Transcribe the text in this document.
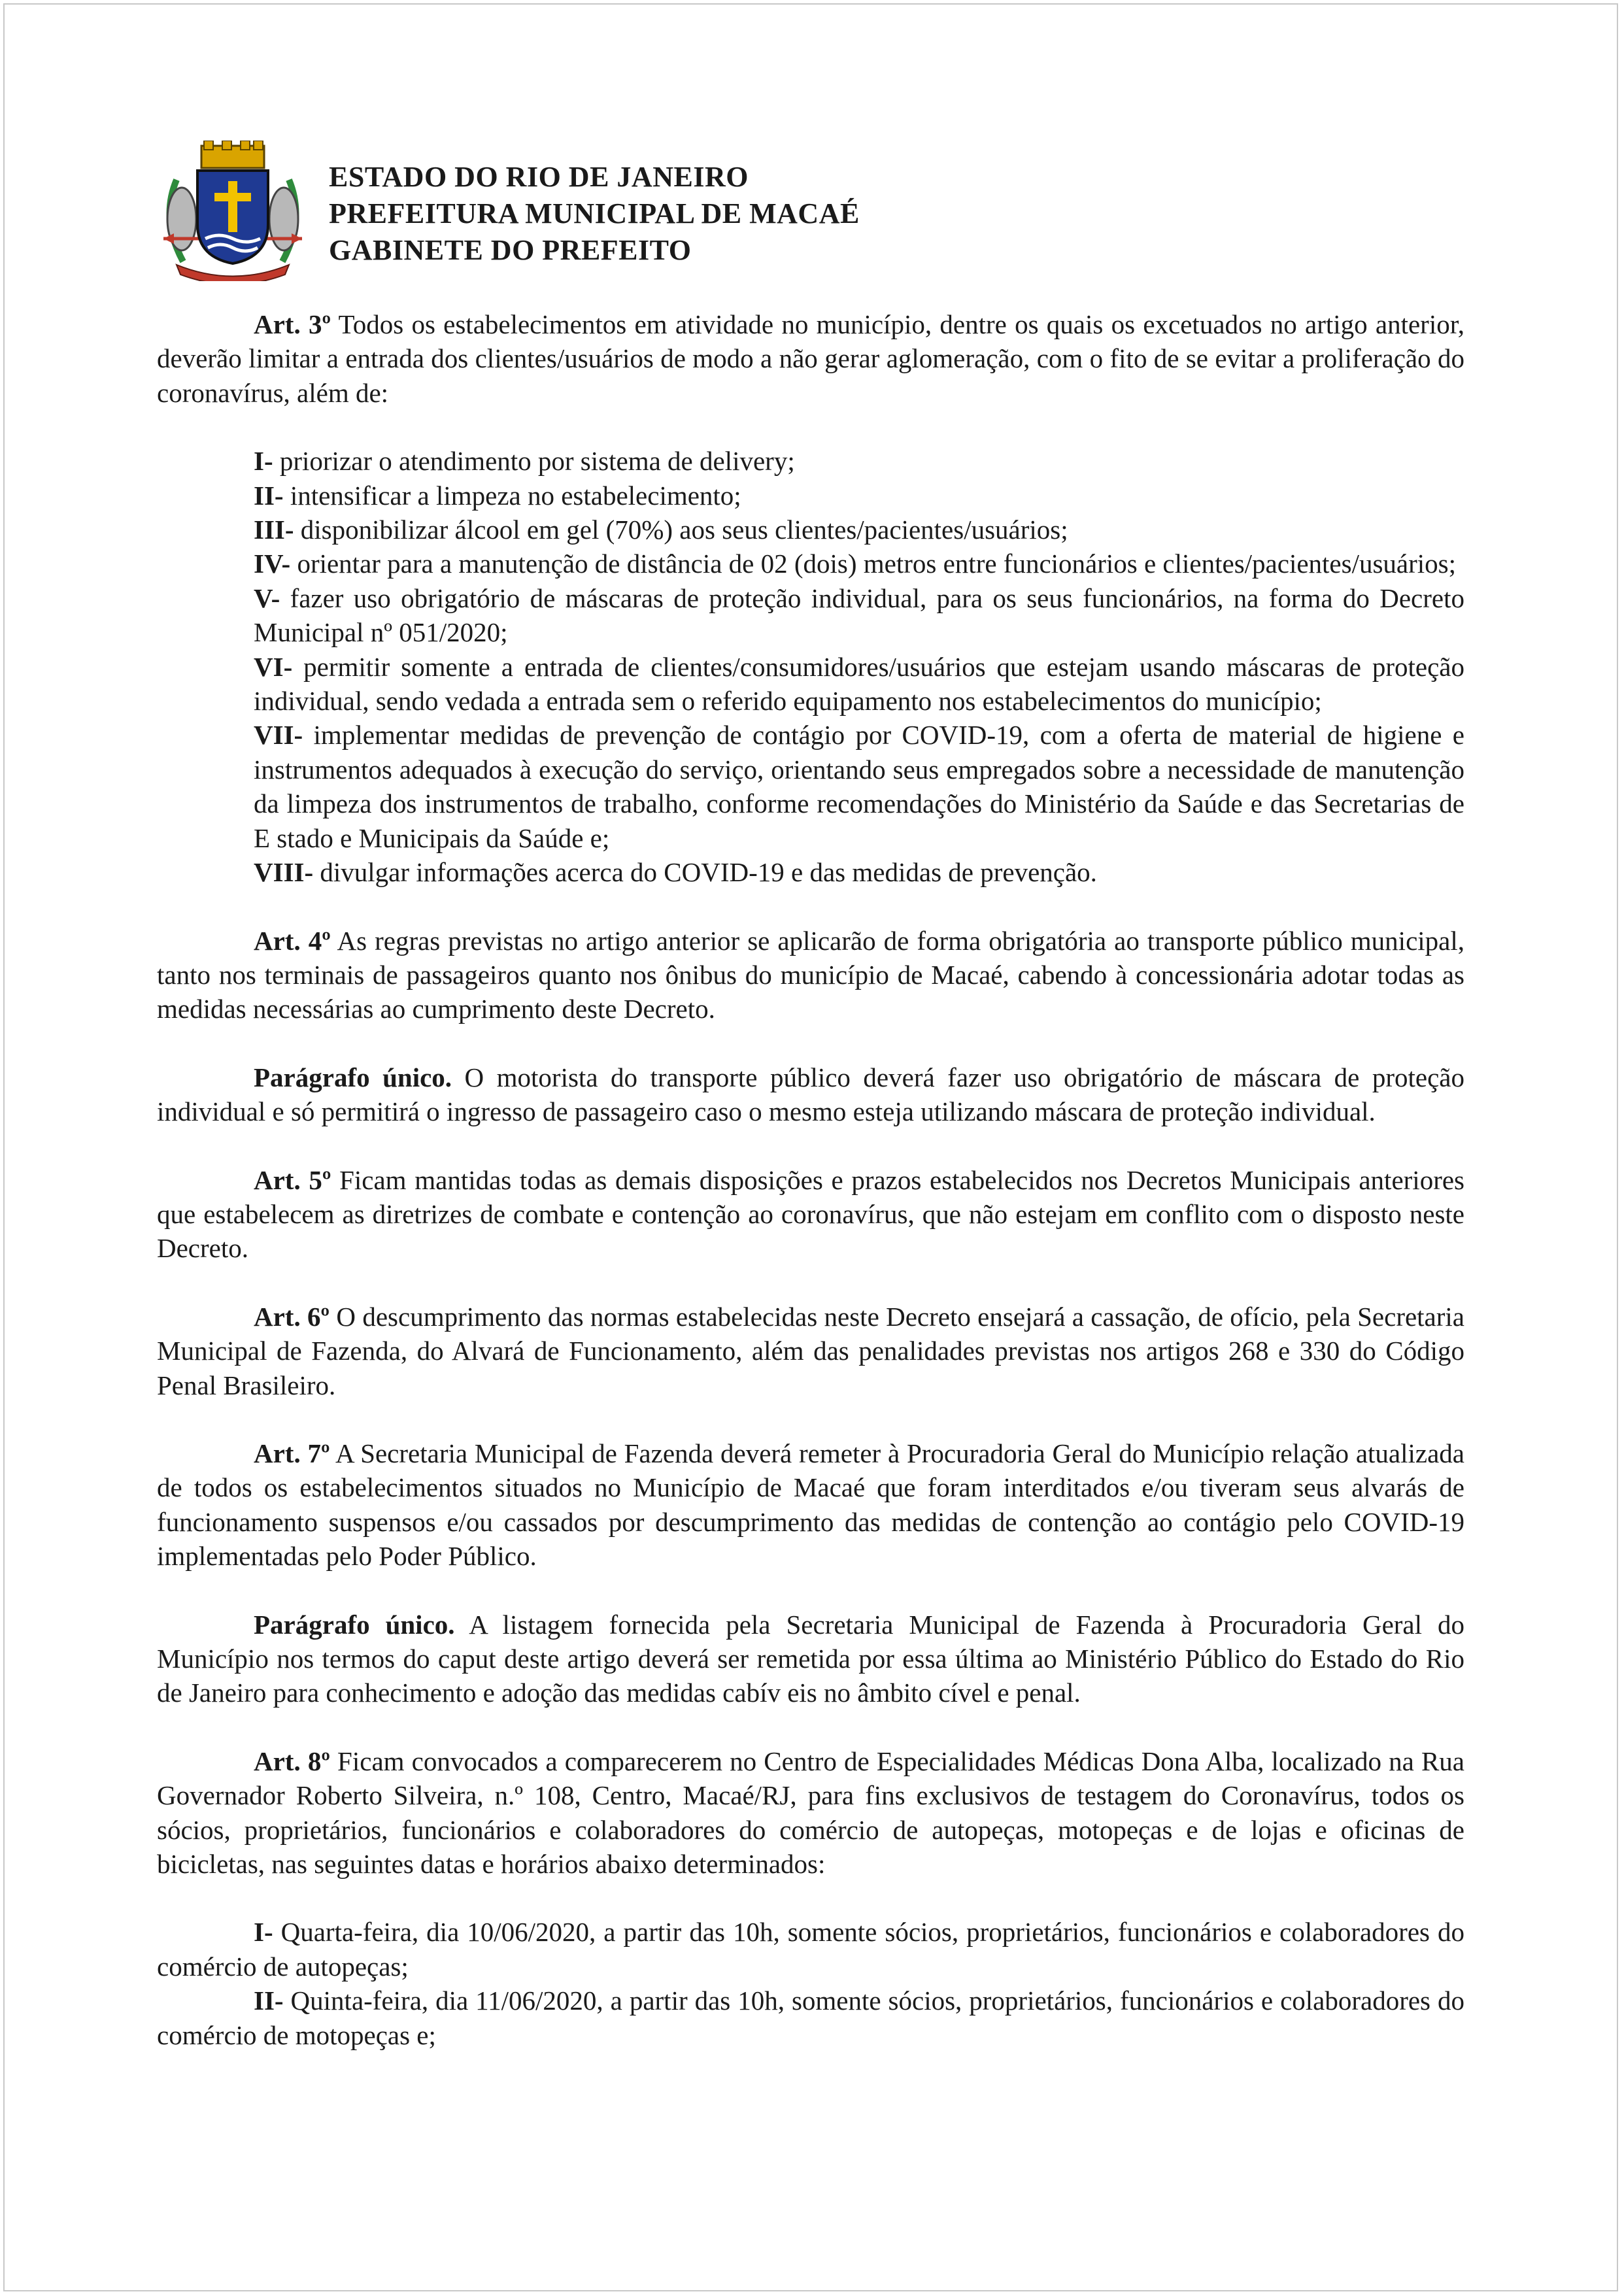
ESTADO DO RIO DE JANEIRO
PREFEITURA MUNICIPAL DE MACAÉ
GABINETE DO PREFEITO

Art. 3º Todos os estabelecimentos em atividade no município, dentre os quais os excetuados no artigo anterior, deverão limitar a entrada dos clientes/usuários de modo a não gerar aglomeração, com o fito de se evitar a proliferação do coronavírus, além de:

I- priorizar o atendimento por sistema de delivery;

II- intensificar a limpeza no estabelecimento;

III- disponibilizar álcool em gel (70%) aos seus clientes/pacientes/usuários;

IV- orientar para a manutenção de distância de 02 (dois) metros entre funcionários e clientes/pacientes/usuários;

V- fazer uso obrigatório de máscaras de proteção individual, para os seus funcionários, na forma do Decreto Municipal nº 051/2020;

VI- permitir somente a entrada de clientes/consumidores/usuários que estejam usando máscaras de proteção individual, sendo vedada a entrada sem o referido equipamento nos estabelecimentos do município;

VII- implementar medidas de prevenção de contágio por COVID-19, com a oferta de material de higiene e instrumentos adequados à execução do serviço, orientando seus empregados sobre a necessidade de manutenção da limpeza dos instrumentos de trabalho, conforme recomendações do Ministério da Saúde e das Secretarias de E stado e Municipais da Saúde e;

VIII- divulgar informações acerca do COVID-19 e das medidas de prevenção.

Art. 4º As regras previstas no artigo anterior se aplicarão de forma obrigatória ao transporte público municipal, tanto nos terminais de passageiros quanto nos ônibus do município de Macaé, cabendo à concessionária adotar todas as medidas necessárias ao cumprimento deste Decreto.

Parágrafo único. O motorista do transporte público deverá fazer uso obrigatório de máscara de proteção individual e só permitirá o ingresso de passageiro caso o mesmo esteja utilizando máscara de proteção individual.

Art. 5º Ficam mantidas todas as demais disposições e prazos estabelecidos nos Decretos Municipais anteriores que estabelecem as diretrizes de combate e contenção ao coronavírus, que não estejam em conflito com o disposto neste Decreto.

Art. 6º O descumprimento das normas estabelecidas neste Decreto ensejará a cassação, de ofício, pela Secretaria Municipal de Fazenda, do Alvará de Funcionamento, além das penalidades previstas nos artigos 268 e 330 do Código Penal Brasileiro.

Art. 7º A Secretaria Municipal de Fazenda deverá remeter à Procuradoria Geral do Município relação atualizada de todos os estabelecimentos situados no Município de Macaé que foram interditados e/ou tiveram seus alvarás de funcionamento suspensos e/ou cassados por descumprimento das medidas de contenção ao contágio pelo COVID-19 implementadas pelo Poder Público.

Parágrafo único. A listagem fornecida pela Secretaria Municipal de Fazenda à Procuradoria Geral do Município nos termos do caput deste artigo deverá ser remetida por essa última ao Ministério Público do Estado do Rio de Janeiro para conhecimento e adoção das medidas cabív eis no âmbito cível e penal.

Art. 8º Ficam convocados a comparecerem no Centro de Especialidades Médicas Dona Alba, localizado na Rua Governador Roberto Silveira, n.º 108, Centro, Macaé/RJ, para fins exclusivos de testagem do Coronavírus, todos os sócios, proprietários, funcionários e colaboradores do comércio de autopeças, motopeças e de lojas e oficinas de bicicletas, nas seguintes datas e horários abaixo determinados:

I- Quarta-feira, dia 10/06/2020, a partir das 10h, somente sócios, proprietários, funcionários e colaboradores do comércio de autopeças;

II- Quinta-feira, dia 11/06/2020, a partir das 10h, somente sócios, proprietários, funcionários e colaboradores do comércio de motopeças e;
